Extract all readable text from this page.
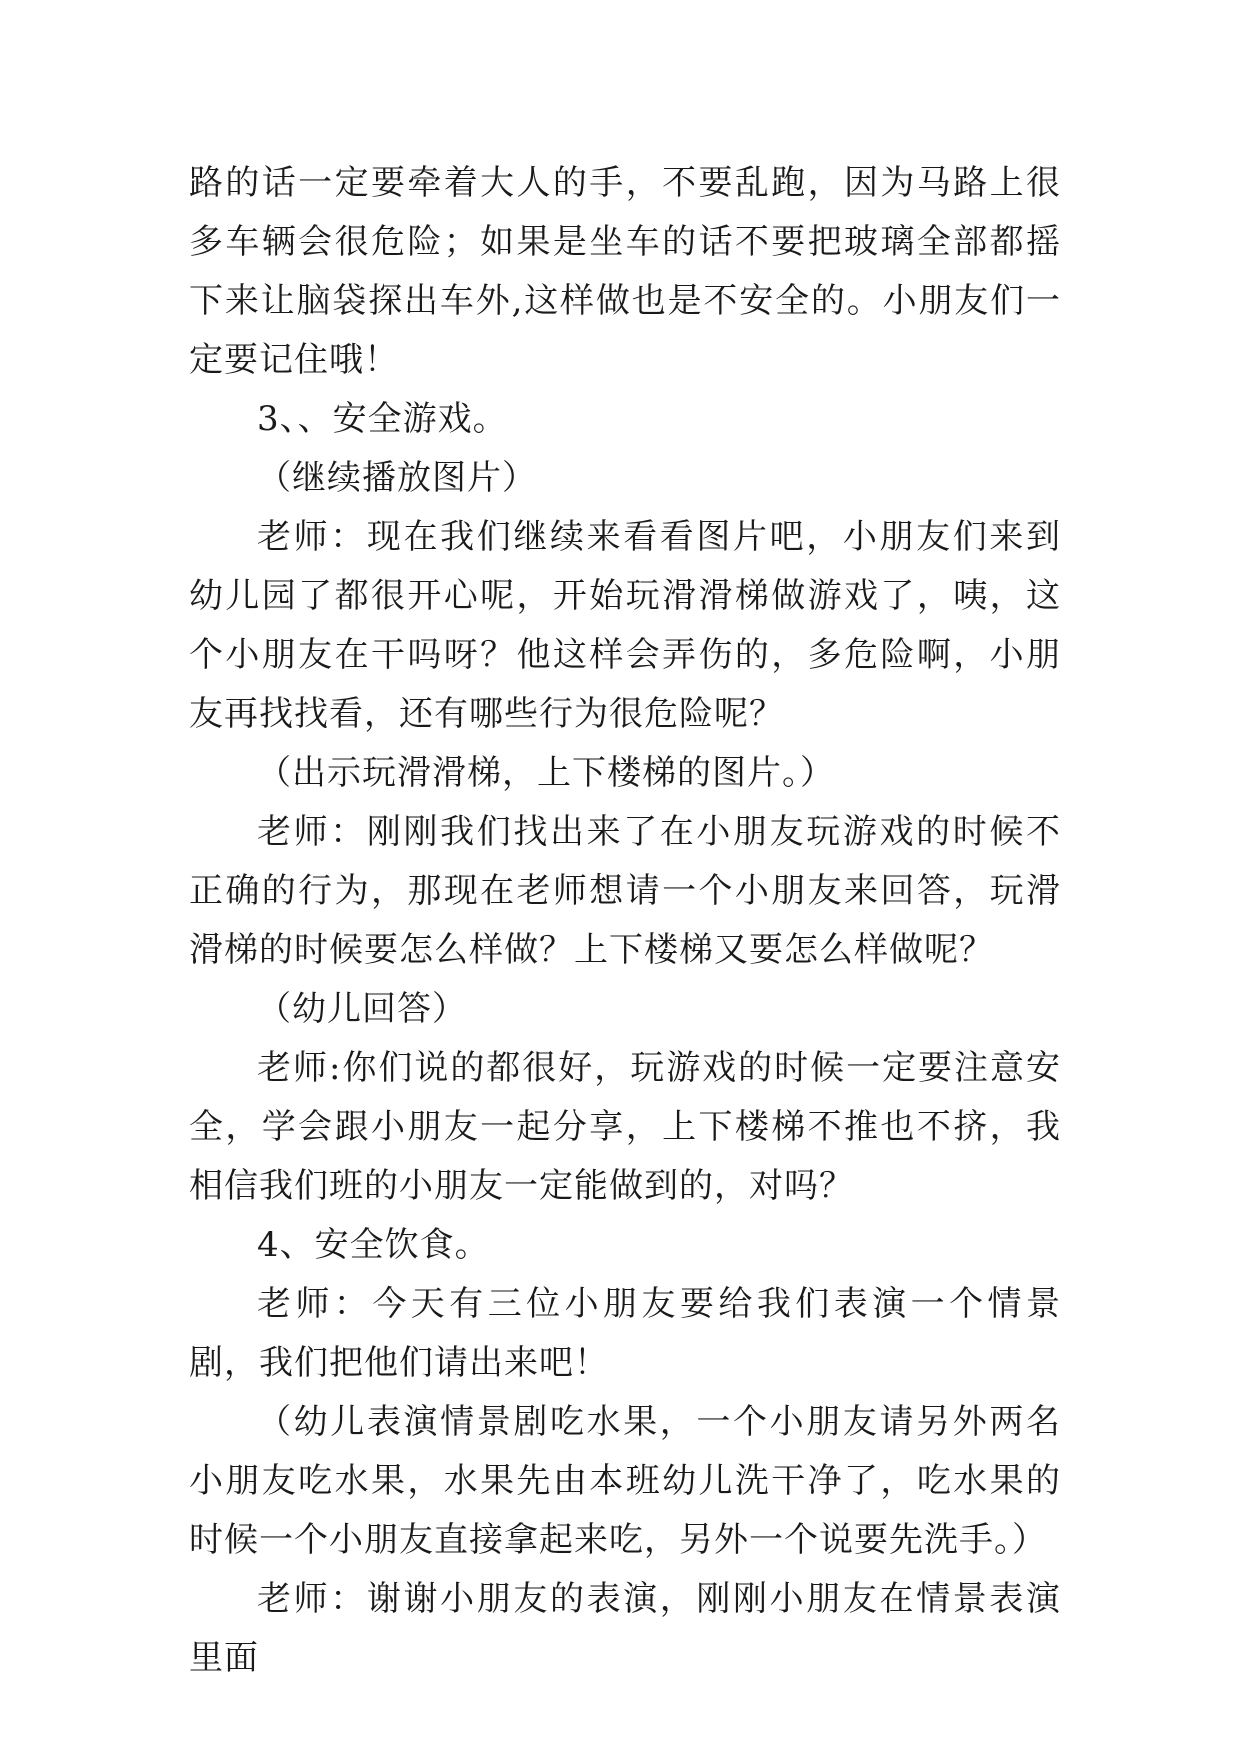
路的话一定要牵着大人的手，不要乱跑，因为马路上很多车辆会很危险；如果是坐车的话不要把玻璃全部都摇下来让脑袋探出车外,这样做也是不安全的。小朋友们一定要记住哦！

3、、安全游戏。

（继续播放图片）

老师：现在我们继续来看看图片吧，小朋友们来到幼儿园了都很开心呢，开始玩滑滑梯做游戏了，咦，这个小朋友在干吗呀？他这样会弄伤的，多危险啊，小朋友再找找看，还有哪些行为很危险呢？

（出示玩滑滑梯，上下楼梯的图片。）

老师：刚刚我们找出来了在小朋友玩游戏的时候不正确的行为，那现在老师想请一个小朋友来回答，玩滑滑梯的时候要怎么样做？上下楼梯又要怎么样做呢？

（幼儿回答）

老师:你们说的都很好，玩游戏的时候一定要注意安全，学会跟小朋友一起分享，上下楼梯不推也不挤，我相信我们班的小朋友一定能做到的，对吗？

4、安全饮食。

老师：今天有三位小朋友要给我们表演一个情景剧，我们把他们请出来吧！

（幼儿表演情景剧吃水果，一个小朋友请另外两名小朋友吃水果，水果先由本班幼儿洗干净了，吃水果的时候一个小朋友直接拿起来吃，另外一个说要先洗手。）

老师：谢谢小朋友的表演，刚刚小朋友在情景表演里面
